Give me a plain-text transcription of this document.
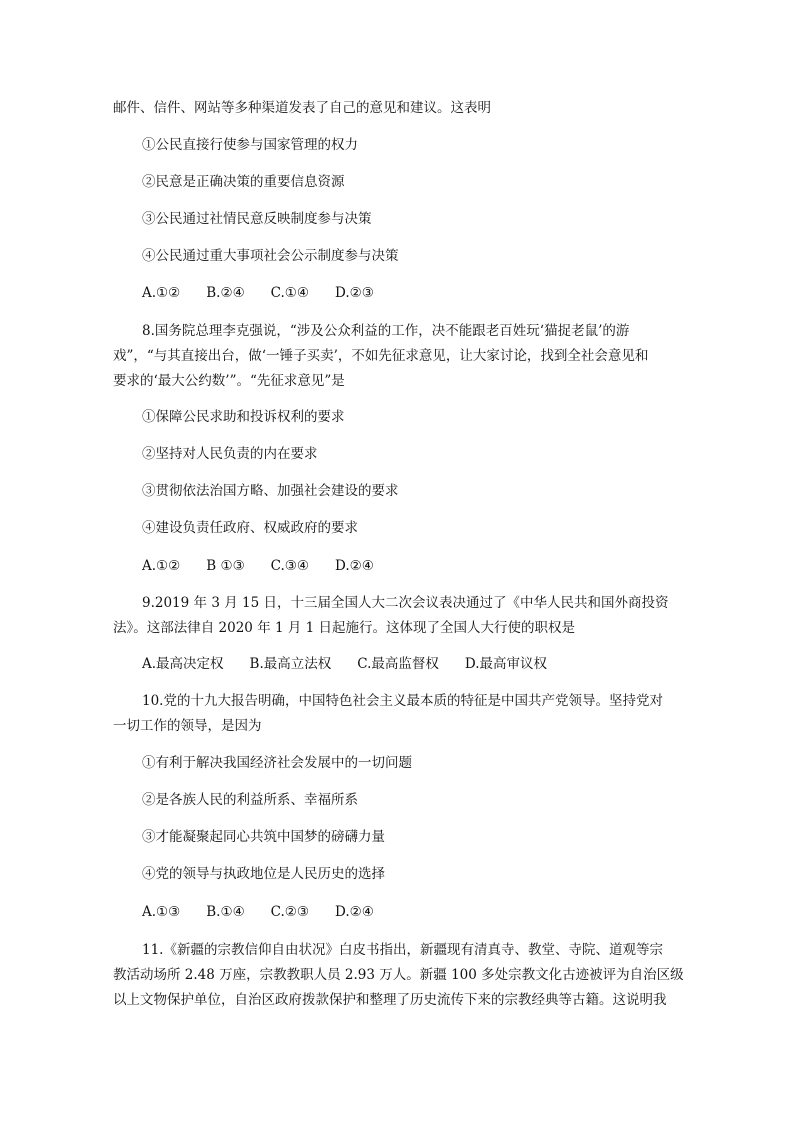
邮件、信件、网站等多种渠道发表了自己的意见和建议。这表明
①公民直接行使参与国家管理的权力
②民意是正确决策的重要信息资源
③公民通过社情民意反映制度参与决策
④公民通过重大事项社会公示制度参与决策
A.①② B.②④ C.①④ D.②③
8.国务院总理李克强说，“涉及公众利益的工作，决不能跟老百姓玩‘猫捉老鼠’的游
戏”，“与其直接出台，做‘一锤子买卖’，不如先征求意见，让大家讨论，找到全社会意见和
要求的‘最大公约数’”。“先征求意见”是
①保障公民求助和投诉权利的要求
②坚持对人民负责的内在要求
③贯彻依法治国方略、加强社会建设的要求
④建设负责任政府、权威政府的要求
A.①② B ①③ C.③④ D.②④
9.2019 年 3 月 15 日，十三届全国人大二次会议表决通过了《中华人民共和国外商投资
法》。这部法律自 2020 年 1 月 1 日起施行。这体现了全国人大行使的职权是
A.最高决定权 B.最高立法权 C.最高监督权 D.最高审议权
10.党的十九大报告明确，中国特色社会主义最本质的特征是中国共产党领导。坚持党对
一切工作的领导，是因为
①有利于解决我国经济社会发展中的一切问题
②是各族人民的利益所系、幸福所系
③才能凝聚起同心共筑中国梦的磅礴力量
④党的领导与执政地位是人民历史的选择
A.①③ B.①④ C.②③ D.②④
11.《新疆的宗教信仰自由状况》白皮书指出，新疆现有清真寺、教堂、寺院、道观等宗
教活动场所 2.48 万座，宗教教职人员 2.93 万人。新疆 100 多处宗教文化古迹被评为自治区级
以上文物保护单位，自治区政府拨款保护和整理了历史流传下来的宗教经典等古籍。这说明我
